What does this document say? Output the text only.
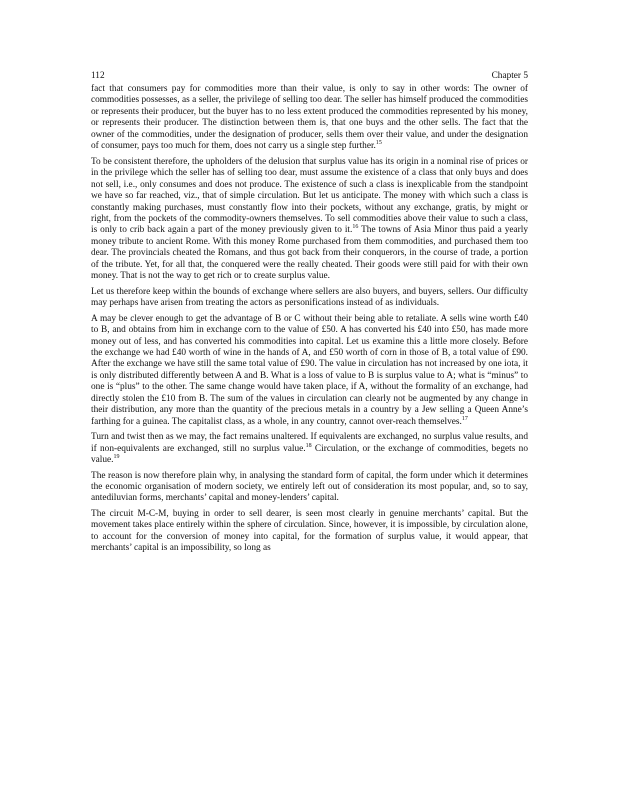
112	Chapter 5

fact that consumers pay for commodities more than their value, is only to say in other words: The owner of commodities possesses, as a seller, the privilege of selling too dear. The seller has himself produced the commodities or represents their producer, but the buyer has to no less extent produced the commodities represented by his money, or represents their producer. The distinction between them is, that one buys and the other sells. The fact that the owner of the commodities, under the designation of producer, sells them over their value, and under the designation of consumer, pays too much for them, does not carry us a single step further.$^{15}$

To be consistent therefore, the upholders of the delusion that surplus value has its origin in a nominal rise of prices or in the privilege which the seller has of selling too dear, must assume the existence of a class that only buys and does not sell, i.e., only consumes and does not produce. The existence of such a class is inexplicable from the standpoint we have so far reached, viz., that of simple circulation. But let us anticipate. The money with which such a class is constantly making purchases, must constantly flow into their pockets, without any exchange, gratis, by might or right, from the pockets of the commodity-owners themselves. To sell commodities above their value to such a class, is only to crib back again a part of the money previously given to it.$^{16}$ The towns of Asia Minor thus paid a yearly money tribute to ancient Rome. With this money Rome purchased from them commodities, and purchased them too dear. The provincials cheated the Romans, and thus got back from their conquerors, in the course of trade, a portion of the tribute. Yet, for all that, the conquered were the really cheated. Their goods were still paid for with their own money. That is not the way to get rich or to create surplus value.

Let us therefore keep within the bounds of exchange where sellers are also buyers, and buyers, sellers. Our difficulty may perhaps have arisen from treating the actors as personifications instead of as individuals.

A may be clever enough to get the advantage of B or C without their being able to retaliate. A sells wine worth £40 to B, and obtains from him in exchange corn to the value of £50. A has converted his £40 into £50, has made more money out of less, and has converted his commodities into capital. Let us examine this a little more closely. Before the exchange we had £40 worth of wine in the hands of A, and £50 worth of corn in those of B, a total value of £90. After the exchange we have still the same total value of £90. The value in circulation has not increased by one iota, it is only distributed differently between A and B. What is a loss of value to B is surplus value to A; what is “minus” to one is “plus” to the other. The same change would have taken place, if A, without the formality of an exchange, had directly stolen the £10 from B. The sum of the values in circulation can clearly not be augmented by any change in their distribution, any more than the quantity of the precious metals in a country by a Jew selling a Queen Anne’s farthing for a guinea. The capitalist class, as a whole, in any country, cannot over-reach themselves.$^{17}$

Turn and twist then as we may, the fact remains unaltered. If equivalents are exchanged, no surplus value results, and if non-equivalents are exchanged, still no surplus value.$^{18}$ Circulation, or the exchange of commodities, begets no value.$^{19}$

The reason is now therefore plain why, in analysing the standard form of capital, the form under which it determines the economic organisation of modern society, we entirely left out of consideration its most popular, and, so to say, antediluvian forms, merchants’ capital and money-lenders’ capital.

The circuit M-C-M, buying in order to sell dearer, is seen most clearly in genuine merchants’ capital. But the movement takes place entirely within the sphere of circulation. Since, however, it is impossible, by circulation alone, to account for the conversion of money into capital, for the formation of surplus value, it would appear, that merchants’ capital is an impossibility, so long as
